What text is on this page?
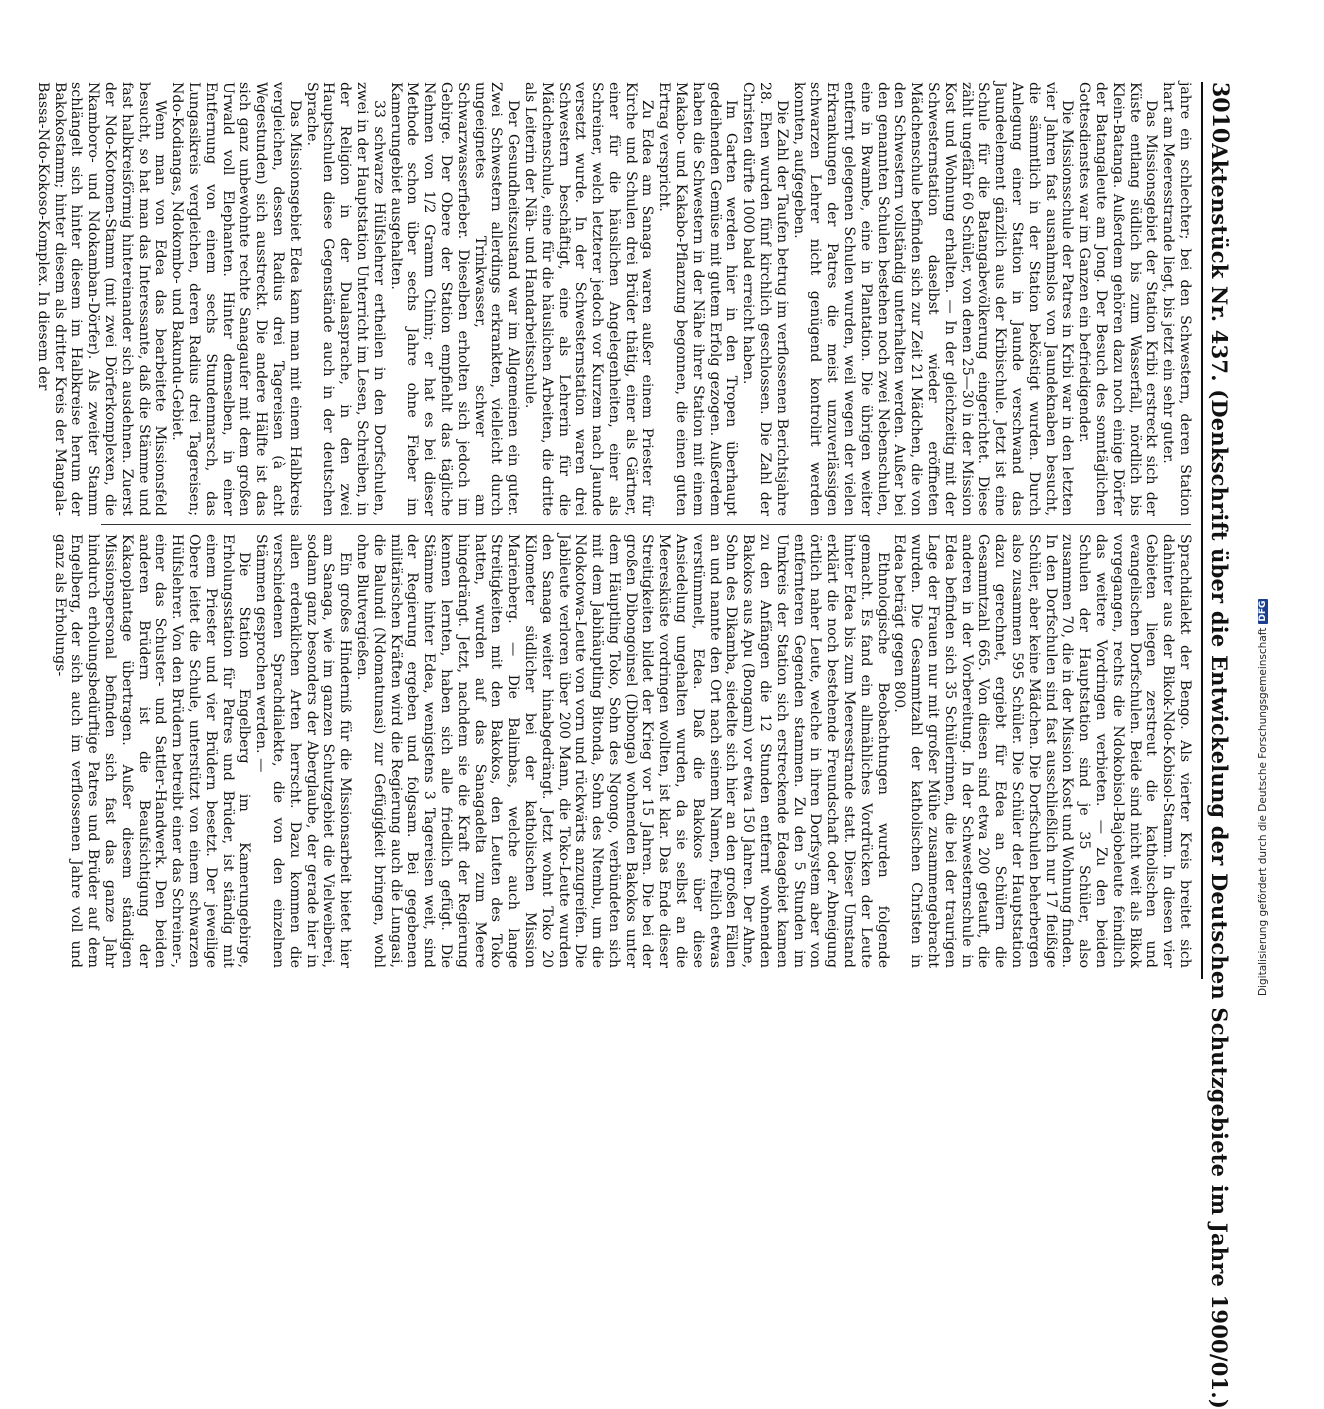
3010
Aktenstück Nr. 437. (Denkschrift über die Entwickelung der Deutschen Schutzgebiete im Jahre 1900/01.)

jahre ein schlechter; bei den Schwestern, deren Station hart am Meeresstrande liegt, bis jetzt ein sehr guter.

Das Missionsgebiet der Station Kribi erstreckt sich der Küste entlang südlich bis zum Wasserfall, nördlich bis Klein-Batanga. Außerdem gehören dazu noch einige Dörfer der Batangaleute am Jong. Der Besuch des sonntäglichen Gottesdienstes war im Ganzen ein befriedigender.

Die Missionsschule der Patres in Kribi war in den letzten vier Jahren fast ausnahmslos von Jaundeknaben besucht, die sämmtlich in der Station beköstigt wurden. Durch Anlegung einer Station in Jaunde verschwand das Jaundeelement gänzlich aus der Kribischule. Jetzt ist eine Schule für die Batangabevölkerung eingerichtet. Diese zählt ungefähr 60 Schüler, von denen 25—30 in der Mission Kost und Wohnung erhalten. — In der gleichzeitig mit der Schwesternstation daselbst wieder eröffneten Mädchenschule befinden sich zur Zeit 21 Mädchen, die von den Schwestern vollständig unterhalten werden. Außer bei den genannten Schulen bestehen noch zwei Nebenschulen, eine in Bwambe, eine in Plantation. Die übrigen weiter entfernt gelegenen Schulen wurden, weil wegen der vielen Erkrankungen der Patres die meist unzuverlässigen schwarzen Lehrer nicht genügend kontrolirt werden konnten, aufgegeben.

Die Zahl der Taufen betrug im verflossenen Berichtsjahre 28. Ehen wurden fünf kirchlich geschlossen. Die Zahl der Christen dürfte 1000 bald erreicht haben.

Im Garten werden hier in den Tropen überhaupt gedeihenden Gemüse mit gutem Erfolg gezogen. Außerdem haben die Schwestern in der Nähe ihrer Station mit einem Makabo- und Kakabo-Pflanzung begonnen, die einen guten Ertrag verspricht.

Zu Edea am Sanaga waren außer einem Priester für Kirche und Schulen drei Brüder thätig, einer als Gärtner, einer für die häuslichen Angelegenheiten, einer als Schreiner, welch letzterer jedoch vor Kurzem nach Jaunde versetzt wurde. In der Schwesternstation waren drei Schwestern beschäftigt, eine als Lehrerin für die Mädchenschule, eine für die häuslichen Arbeiten, die dritte als Leiterin der Näh- und Handarbeitsschule.

Der Gesundheitszustand war im Allgemeinen ein guter. Zwei Schwestern allerdings erkrankten, vielleicht durch ungeeignetes Trinkwasser, schwer am Schwarzwasserfieber. Dieselben erholten sich jedoch im Gebirge. Der Obere der Station empfiehlt das tägliche Nehmen von 1/2 Gramm Chinin; er hat es bei dieser Methode schon über sechs Jahre ohne Fieber im Kamerungebiet ausgehalten.

33 schwarze Hülfslehrer ertheilen in den Dorfschulen, zwei in der Hauptstation Unterricht im Lesen, Schreiben, in der Religion in der Dualasprache, in den zwei Hauptschulen diese Gegenstände auch in der deutschen Sprache.

Das Missionsgebiet Edea kann man mit einem Halbkreis vergleichen, dessen Radius drei Tagereisen (à acht Wegestunden) sich ausstreckt. Die andere Hälfte ist das sich ganz unbewohnte rechte Sanagaufer mit dem großen Urwald voll Elephanten. Hinter demselben, in einer Entfernung von einem sechs Stundenmarsch, das Lungasikreis vergleichen, deren Radius drei Tagereisen; Ndo-Kodiangas, Ndokombo- und Bakundu-Gebiet.

Wenn man von Edea das bearbeitete Missionsfeld besucht, so hat man das Interessante, daß die Stämme und fast halbkreisförmig hintereinander sich ausdehnen. Zuerst der Ndo-Kotomen-Stamm (mit zwei Dörferkomplexen, die Nkamboro- und Ndokamban-Dörfer). Als zweiter Stamm schlängelt sich hinter diesem im Halbkreise herum der Bakokostamm; hinter diesem als dritter Kreis der Mangala-Bassa-Ndo-Kokoso-Komplex. In diesem der

Sprachdialekt der Bengo. Als vierter Kreis breitet sich dahinter aus der Bikok-Ndo-Kobisol-Stamm. In diesen vier Gebieten liegen zerstreut die katholischen und evangelischen Dorfschulen. Beide sind nicht weit als Bikok vorgegangen, rechts die Ndokobisol-Bajobeleute feindlich das weitere Vordringen verbieten. — Zu den beiden Schulen der Hauptstation sind je 35 Schüler, also zusammen 70, die in der Mission Kost und Wohnung finden. In den Dorfschulen sind fast ausschließlich nur 17 fleißige Schüler, aber keine Mädchen. Die Dorfschulen beherbergen also zusammen 595 Schüler. Die Schüler der Hauptstation dazu gerechnet, ergiebt für Edea an Schülern die Gesammtzahl 665. Von diesen sind etwa 200 getauft, die anderen in der Vorbereitung. In der Schwesternschule in Edea befinden sich 35 Schülerinnen, die bei der traurigen Lage der Frauen nur mit großer Mühe zusammengebracht wurden. Die Gesammtzahl der katholischen Christen in Edea beträgt gegen 800.

Ethnologische Beobachtungen wurden folgende gemacht. Es fand ein allmähliches Vordrücken der Leute hinter Edea bis zum Meeresstrande statt. Dieser Umstand erklärt die noch bestehende Freundschaft oder Abneigung örtlich naher Leute, welche in ihren Dorfsystem aber von entfernteren Gegenden stammen. Zu den 5 Stunden im Umkreis der Station sich erstreckende Edeagebiet kamen zu den Anfängen die 12 Stunden entfernt wohnenden Bakokos aus Apu (Bongam) vor etwa 150 Jahren. Der Ahne, Sohn des Dikamba, siedelte sich hier an den großen Fällen an und nannte den Ort nach seinem Namen, freilich etwas verstümmelt, Edea. Daß die Bakokos über diese Ansiedelung ungehalten wurden, da sie selbst an die Meeresküste vordringen wollten, ist klar. Das Ende dieser Streitigkeiten bildet der Krieg vor 15 Jahren. Die bei der großen Dibongoinsel (Dibonga) wohnenden Bakokos unter dem Häuptling Toko, Sohn des Ngongo, verbündeten sich mit dem Jabihäuptling Bitonda, Sohn des Ntembu, um die Ndokotowa-Leute von vorn und rückwärts anzugreifen. Die Jabileute verloren über 200 Mann, die Toko-Leute wurden den Sanaga weiter hinabgedrängt. Jetzt wohnt Toko 20 Kilometer südlicher bei der katholischen Mission Marienberg. — Die Balimbas, welche auch lange Streitigkeiten mit den Bakokos, den Leuten des Toko hatten, wurden auf das Sanagadelta zum Meere hingedrängt. Jetzt, nachdem sie die Kraft der Regierung kennen lernten, haben sich alle friedlich gefügt. Die Stämme hinter Edea, wenigstens 3 Tagereisen weit, sind der Regierung ergeben und folgsam. Bei gegebenen militärischen Kräften wird die Regierung auch die Lungasi, die Balundi (Ndomatunasi) zur Gefügigkeit bringen, wohl ohne Blutvergießen.

Ein großes Hinderniß für die Missionsarbeit bietet hier am Sanaga, wie im ganzen Schutzgebiet die Vielweiberei, sodann ganz besonders der Aberglaube, der gerade hier in allen erdenklichen Arten herrscht. Dazu kommen die verschiedenen Sprachdialekte, die von den einzelnen Stämmen gesprochen werden. —

Die Station Engelberg im Kamerungebirge, Erholungsstation für Patres und Brüder, ist ständig mit einem Priester und vier Brüdern besetzt. Der jeweilige Obere leitet die Schule, unterstützt von einem schwarzen Hülfslehrer. Von den Brüdern betreibt einer das Schreiner-, einer das Schuster- und Sattler-Handwerk. Den beiden anderen Brüdern ist die Beaufsichtigung der Kakaoplantage übertragen. Außer diesem ständigen Missionspersonal befinden sich fast das ganze Jahr hindurch erholungsbedürftige Patres und Brüder auf dem Engelberg, der sich auch im verflossenen Jahre voll und ganz als Erholungs-

Digitalisierung gefördert durch die Deutsche Forschungsgemeinschaft
DFG
